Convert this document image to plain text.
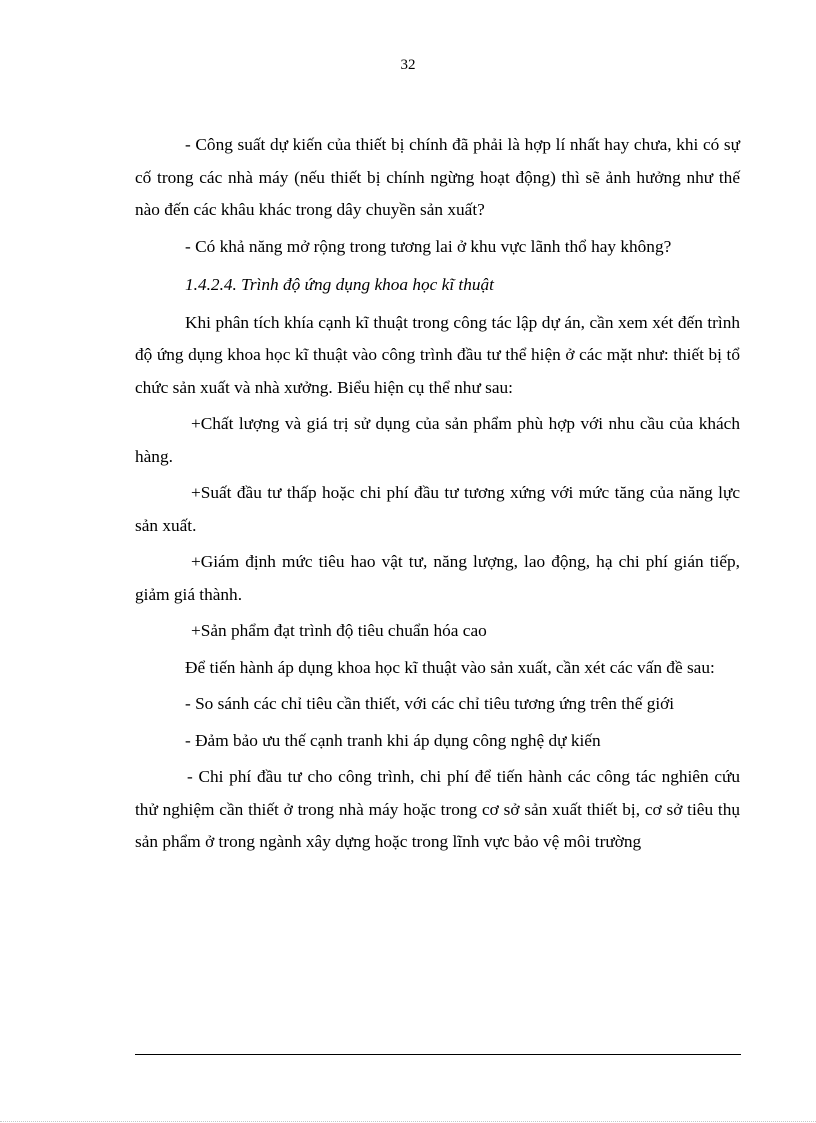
32

- Công suất dự kiến của thiết bị chính đã phải là hợp lí nhất hay chưa, khi có sự cố trong các nhà máy (nếu thiết bị chính ngừng hoạt động) thì sẽ ảnh hưởng như thế nào đến các khâu khác trong dây chuyền sản xuất?

- Có khả năng mở rộng trong tương lai ở khu vực lãnh thổ hay không?

1.4.2.4. Trình độ ứng dụng khoa học kĩ thuật

Khi phân tích khía cạnh kĩ thuật trong công tác lập dự án, cần xem xét đến trình độ ứng dụng khoa học kĩ thuật vào công trình đầu tư thể hiện ở các mặt như: thiết bị tổ chức sản xuất và nhà xưởng. Biểu hiện cụ thể như sau:

+Chất lượng và giá trị sử dụng của sản phẩm phù hợp với nhu cầu của khách hàng.

+Suất đầu tư thấp hoặc chi phí đầu tư tương xứng với mức tăng của năng lực sản xuất.

+Giám định mức tiêu hao vật tư, năng lượng, lao động, hạ chi phí gián tiếp, giảm giá thành.

+Sản phẩm đạt trình độ tiêu chuẩn hóa cao

Để tiến hành áp dụng khoa học kĩ thuật vào sản xuất, cần xét các vấn đề sau:

- So sánh các chỉ tiêu cần thiết, với các chỉ tiêu tương ứng trên thế giới

- Đảm bảo ưu thế cạnh tranh khi áp dụng công nghệ dự kiến

- Chi phí đầu tư cho công trình, chi phí để tiến hành các công tác nghiên cứu thử nghiệm cần thiết ở trong nhà máy hoặc trong cơ sở sản xuất thiết bị, cơ sở tiêu thụ sản phẩm ở trong ngành xây dựng hoặc trong lĩnh vực bảo vệ môi trường
